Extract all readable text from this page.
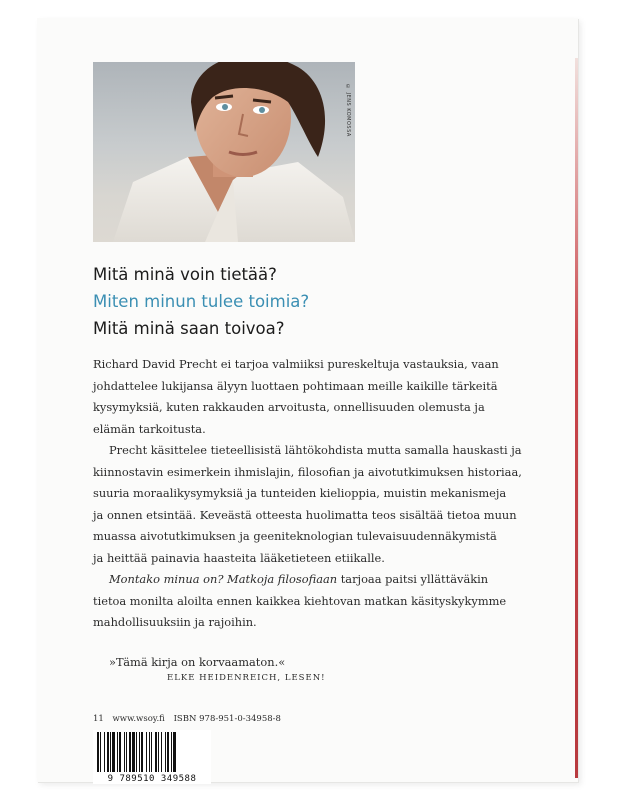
© JENS KOMOSSA
Mitä minä voin tietää?
Miten minun tulee toimia?
Mitä minä saan toivoa?

Richard David Precht ei tarjoa valmiiksi pureskeltuja vastauksia, vaan
johdattelee lukijansa älyyn luottaen pohtimaan meille kaikille tärkeitä
kysymyksiä, kuten rakkauden arvoitusta, onnellisuuden olemusta ja
elämän tarkoitusta.

Precht käsittelee tieteellisistä lähtökohdista mutta samalla hauskasti ja
kiinnostavin esimerkein ihmislajin, filosofian ja aivotutkimuksen historiaa,
suuria moraalikysymyksiä ja tunteiden kielioppia, muistin mekanismeja
ja onnen etsintää. Keveästä otteesta huolimatta teos sisältää tietoa muun
muassa aivotutkimuksen ja geeniteknologian tulevaisuudennäkymistä
ja heittää painavia haasteita lääketieteen etiikalle.

Montako minua on? Matkoja filosofiaan tarjoaa paitsi yllättäväkin
tietoa monilta aloilta ennen kaikkea kiehtovan matkan käsityskykymme
mahdollisuuksiin ja rajoihin.

»Tämä kirja on korvaamaton.«
ELKE HEIDENREICH, LESEN!
11 www.wsoy.fi ISBN 978-951-0-34958-8
9 789510 349588
